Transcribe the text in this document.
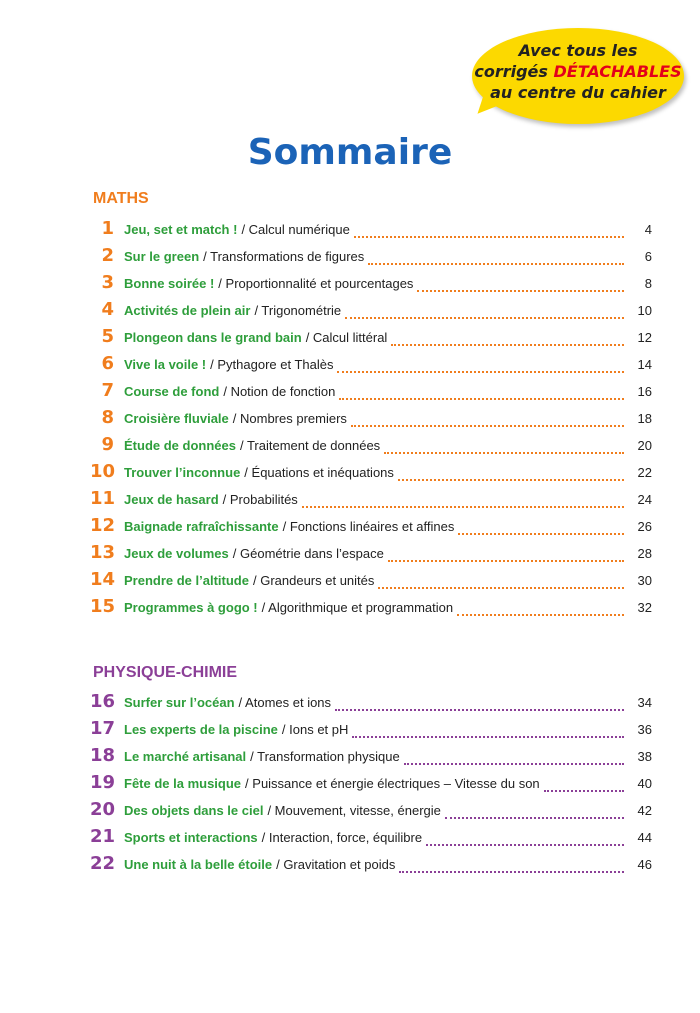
Avec tous les
corrigés DÉTACHABLES
au centre du cahier
Sommaire
MATHS
1 Jeu, set et match ! / Calcul numérique	4
2 Sur le green / Transformations de figures	6
3 Bonne soirée ! / Proportionnalité et pourcentages	8
4 Activités de plein air / Trigonométrie	10
5 Plongeon dans le grand bain / Calcul littéral	12
6 Vive la voile ! / Pythagore et Thalès	14
7 Course de fond / Notion de fonction	16
8 Croisière fluviale / Nombres premiers	18
9 Étude de données / Traitement de données	20
10 Trouver l’inconnue / Équations et inéquations	22
11 Jeux de hasard / Probabilités	24
12 Baignade rafraîchissante / Fonctions linéaires et affines	26
13 Jeux de volumes / Géométrie dans l’espace	28
14 Prendre de l’altitude / Grandeurs et unités	30
15 Programmes à gogo ! / Algorithmique et programmation	32
PHYSIQUE-CHIMIE
16 Surfer sur l’océan / Atomes et ions	34
17 Les experts de la piscine / Ions et pH	36
18 Le marché artisanal / Transformation physique	38
19 Fête de la musique / Puissance et énergie électriques – Vitesse du son	40
20 Des objets dans le ciel / Mouvement, vitesse, énergie	42
21 Sports et interactions / Interaction, force, équilibre	44
22 Une nuit à la belle étoile / Gravitation et poids	46
